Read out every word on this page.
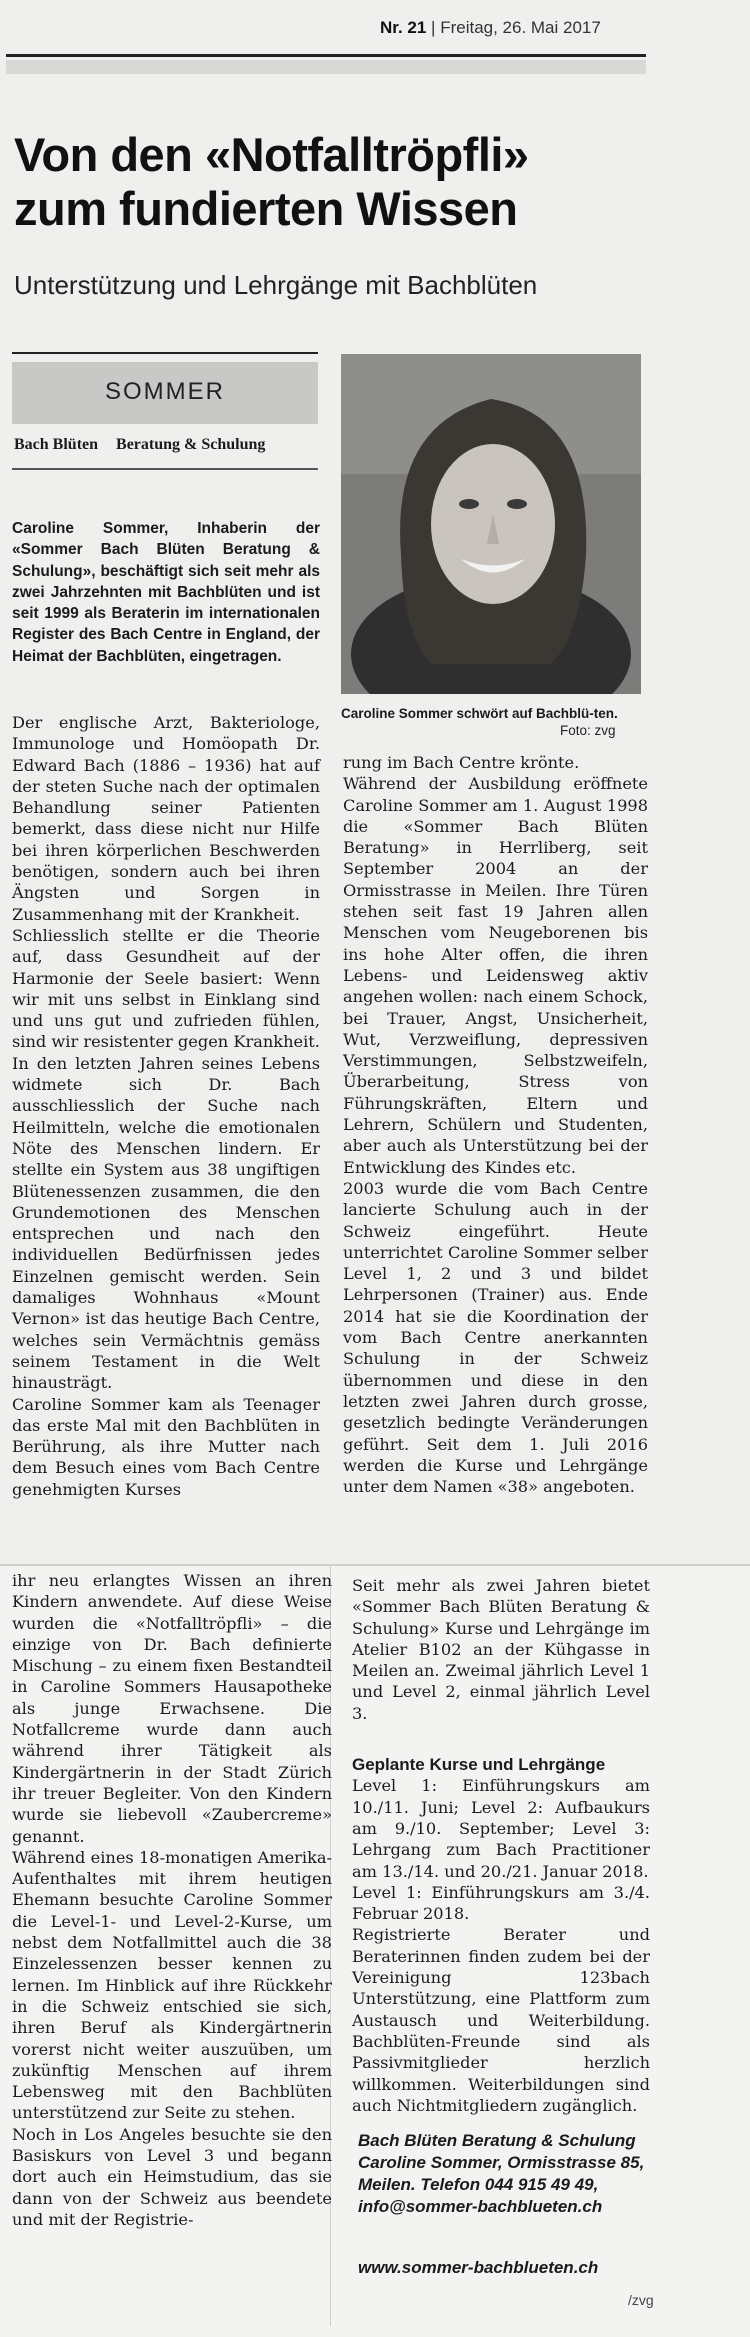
Nr. 21 | Freitag, 26. Mai 2017
Von den «Notfalltröpfli»
zum fundierten Wissen
Unterstützung und Lehrgänge mit Bachblüten
SOMMER
Bach Blüten Beratung & Schulung
Caroline Sommer schwört auf Bachblü-ten.
Foto: zvg
Caroline Sommer, Inhaberin der «Sommer Bach Blüten Beratung & Schulung», beschäftigt sich seit mehr als zwei Jahrzehnten mit Bachblüten und ist seit 1999 als Beraterin im internationalen Register des Bach Centre in England, der Heimat der Bachblüten, eingetragen.

Der englische Arzt, Bakteriologe, Immunologe und Homöopath Dr. Edward Bach (1886 – 1936) hat auf der steten Suche nach der optimalen Behandlung seiner Patienten bemerkt, dass diese nicht nur Hilfe bei ihren körperlichen Beschwerden benötigen, sondern auch bei ihren Ängsten und Sorgen in Zusammenhang mit der Krankheit.

Schliesslich stellte er die Theorie auf, dass Gesundheit auf der Harmonie der Seele basiert: Wenn wir mit uns selbst in Einklang sind und uns gut und zufrieden fühlen, sind wir resistenter gegen Krankheit.

In den letzten Jahren seines Lebens widmete sich Dr. Bach ausschliesslich der Suche nach Heilmitteln, welche die emotionalen Nöte des Menschen lindern. Er stellte ein System aus 38 ungiftigen Blütenessenzen zusammen, die den Grundemotionen des Menschen entsprechen und nach den individuellen Bedürfnissen jedes Einzelnen gemischt werden. Sein damaliges Wohnhaus «Mount Vernon» ist das heutige Bach Centre, welches sein Vermächtnis gemäss seinem Testament in die Welt hinausträgt.

Caroline Sommer kam als Teenager das erste Mal mit den Bachblüten in Berührung, als ihre Mutter nach dem Besuch eines vom Bach Centre genehmigten Kurses

rung im Bach Centre krönte.

Während der Ausbildung eröffnete Caroline Sommer am 1. August 1998 die «Sommer Bach Blüten Beratung» in Herrliberg, seit September 2004 an der Ormisstrasse in Meilen. Ihre Türen stehen seit fast 19 Jahren allen Menschen vom Neugeborenen bis ins hohe Alter offen, die ihren Lebens- und Leidensweg aktiv angehen wollen: nach einem Schock, bei Trauer, Angst, Unsicherheit, Wut, Verzweiflung, depressiven Verstimmungen, Selbstzweifeln, Überarbeitung, Stress von Führungskräften, Eltern und Lehrern, Schülern und Studenten, aber auch als Unterstützung bei der Entwicklung des Kindes etc.

2003 wurde die vom Bach Centre lancierte Schulung auch in der Schweiz eingeführt. Heute unterrichtet Caroline Sommer selber Level 1, 2 und 3 und bildet Lehrpersonen (Trainer) aus. Ende 2014 hat sie die Koordination der vom Bach Centre anerkannten Schulung in der Schweiz übernommen und diese in den letzten zwei Jahren durch grosse, gesetzlich bedingte Veränderungen geführt. Seit dem 1. Juli 2016 werden die Kurse und Lehrgänge unter dem Namen «38» angeboten.

ihr neu erlangtes Wissen an ihren Kindern anwendete. Auf diese Weise wurden die «Notfalltröpfli» – die einzige von Dr. Bach definierte Mischung – zu einem fixen Bestandteil in Caroline Sommers Hausapotheke als junge Erwachsene. Die Notfallcreme wurde dann auch während ihrer Tätigkeit als Kindergärtnerin in der Stadt Zürich ihr treuer Begleiter. Von den Kindern wurde sie liebevoll «Zaubercreme» genannt.

Während eines 18-monatigen Amerika-Aufenthaltes mit ihrem heutigen Ehemann besuchte Caroline Sommer die Level-1- und Level-2-Kurse, um nebst dem Notfallmittel auch die 38 Einzelessenzen besser kennen zu lernen. Im Hinblick auf ihre Rückkehr in die Schweiz entschied sie sich, ihren Beruf als Kindergärtnerin vorerst nicht weiter auszuüben, um zukünftig Menschen auf ihrem Lebensweg mit den Bachblüten unterstützend zur Seite zu stehen.

Noch in Los Angeles besuchte sie den Basiskurs von Level 3 und begann dort auch ein Heimstudium, das sie dann von der Schweiz aus beendete und mit der Registrie-

Seit mehr als zwei Jahren bietet «Sommer Bach Blüten Beratung & Schulung» Kurse und Lehrgänge im Atelier B102 an der Kühgasse in Meilen an. Zweimal jährlich Level 1 und Level 2, einmal jährlich Level 3.

Geplante Kurse und Lehrgänge

Level 1: Einführungskurs am 10./11. Juni; Level 2: Aufbaukurs am 9./10. September; Level 3: Lehrgang zum Bach Practitioner am 13./14. und 20./21. Januar 2018.

Level 1: Einführungskurs am 3./4. Februar 2018.

Registrierte Berater und Beraterinnen finden zudem bei der Vereinigung 123bach Unterstützung, eine Plattform zum Austausch und Weiterbildung. Bachblüten-Freunde sind als Passivmitglieder herzlich willkommen. Weiterbildungen sind auch Nichtmitgliedern zugänglich.

Bach Blüten Beratung & Schulung
Caroline Sommer, Ormisstrasse 85,
Meilen. Telefon 044 915 49 49,
info@sommer-bachblueten.ch
www.sommer-bachblueten.ch
/zvg
